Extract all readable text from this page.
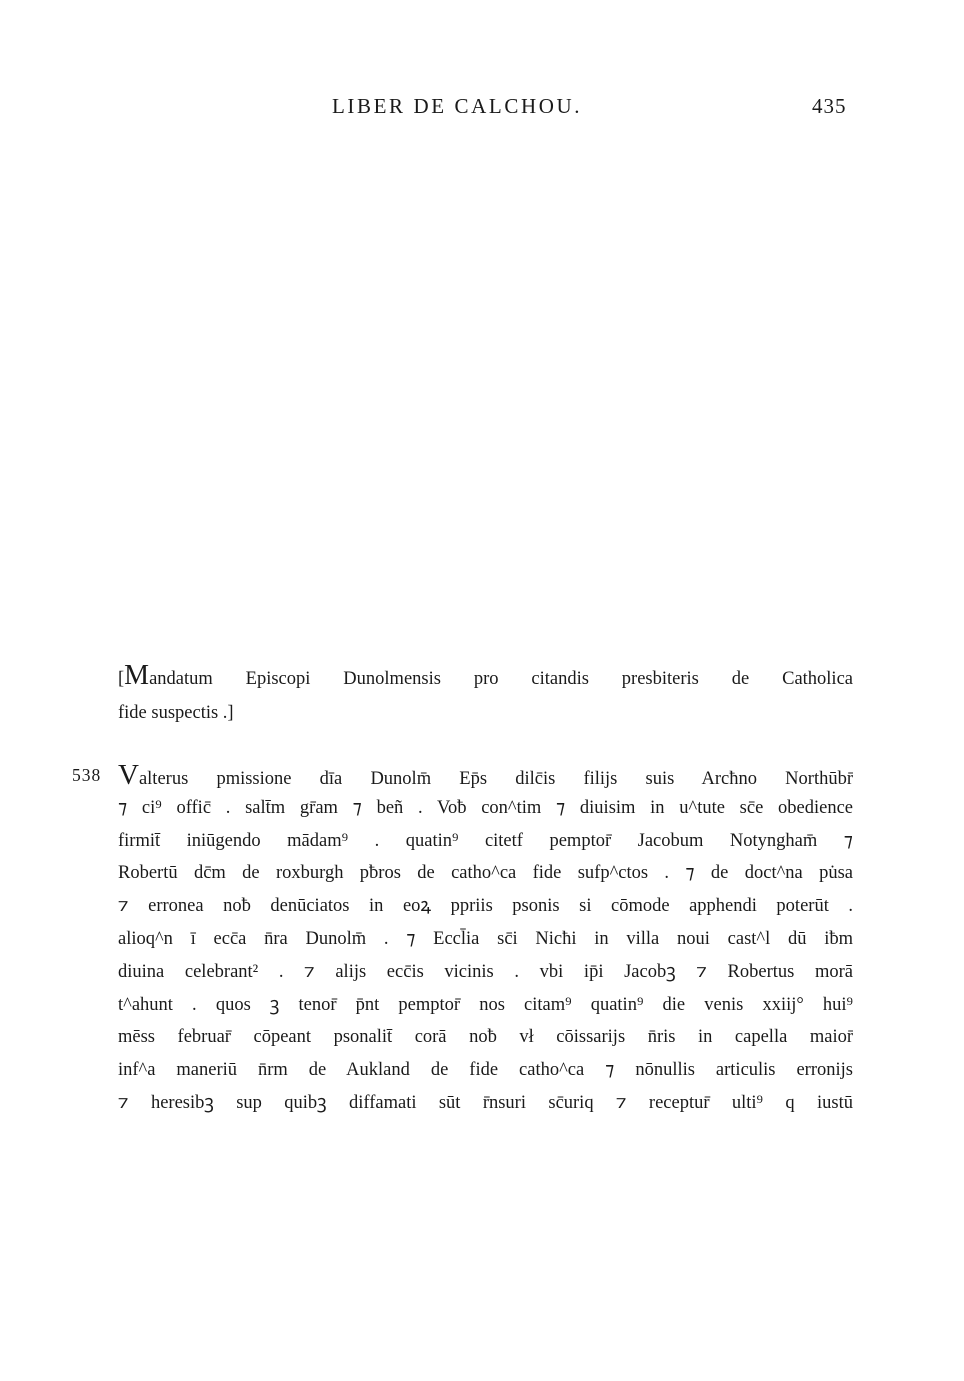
LIBER DE CALCHOU.	435
[Mandatum Episcopi Dunolmensis pro citandis presbiteris de Catholica
fide suspectis .]
538 Valterus pmissione dīa Dunolm̄ Ep̄s dilc̄is filijs suis Arcħno Northūbr̄
⁊ ci⁹ offic̄ . salt̄m gr̄am ⁊ beñ . Voƀ con^tim ⁊ diuisim in u^tute sc̄e obedience
firmit̄ iniūgendo mādam⁹ . quatin⁹ citetf pemptor̄ Jacobum Notyngham̄ ⁊
Robertū dc̄m de roxburgh pƀros de catho^ca fide sufp^ctos . ⁊ de doct^na pu̇sa
⁊ erronea noƀ denūciatos in eoꝝ ppriis psonis si cōmode apphendi poterūt .
alioq^n ī ecc̄a n̄ra Dunolm̄ . ⁊ Eccl̄ia sc̄i Nicħi in villa noui cast^l dū iƀm
diuina celebrant² . ⁊ alijs ecc̄is vicinis . vbi ip̄i Jacobꝫ ⁊ Robertus morā
t^ahunt . quos ꝫ tenor̄ p̄nt pemptor̄ nos citam⁹ quatin⁹ die venis xxiij° hui⁹
mēss februar̄ cōpeant psonalit̄ corā noƀ vł cōissarijs n̄ris in capella maior̄
inf^a maneriū n̄rm de Aukland de fide catho^ca ⁊ nōnullis articulis erronijs
⁊ heresibꝫ sup quibꝫ diffamati sūt r̄nsuri sc̄uriq ⁊ receptur̄ ulti⁹ q iustū
